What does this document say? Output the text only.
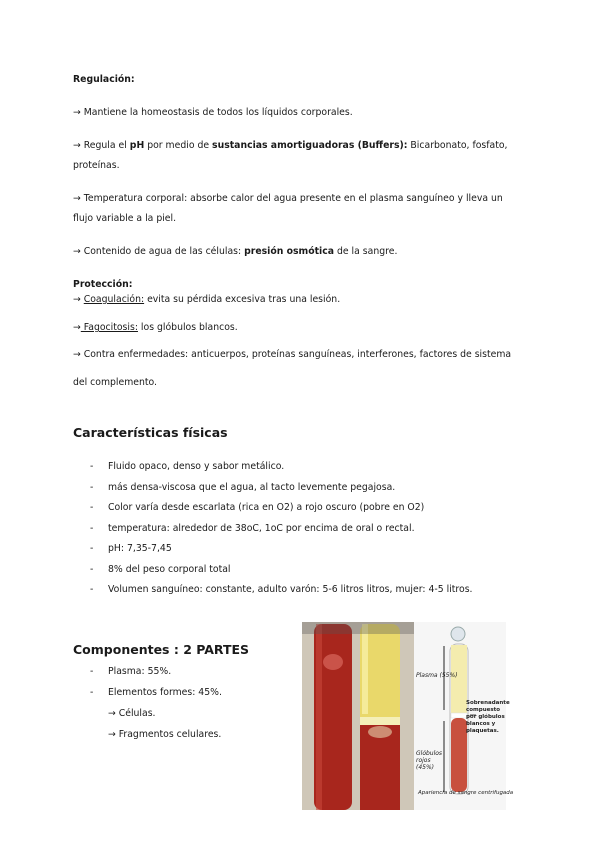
Regulación:
→ Mantiene la homeostasis de todos los líquidos corporales.
→ Regula el pH por medio de sustancias amortiguadoras (Buffers): Bicarbonato, fosfato,
proteínas.
→ Temperatura corporal: absorbe calor del agua presente en el plasma sanguíneo y lleva un
flujo variable a la piel.
→ Contenido de agua de las células: presión osmótica de la sangre.
Protección:
→ Coagulación: evita su pérdida excesiva tras una lesión.
→ Fagocitosis: los glóbulos blancos.
→ Contra enfermedades: anticuerpos, proteínas sanguíneas, interferones, factores de sistema
del complemento.
Características físicas
- Fluido opaco, denso y sabor metálico.
- más densa-viscosa que el agua, al tacto levemente pegajosa.
- Color varía desde escarlata (rica en O2) a rojo oscuro (pobre en O2)
- temperatura: alrededor de 38oC, 1oC por encima de oral o rectal.
- pH: 7,35-7,45
- 8% del peso corporal total
- Volumen sanguíneo: constante, adulto varón: 5-6 litros litros, mujer: 4-5 litros.
Componentes : 2 PARTES
- Plasma: 55%.
- Elementos formes: 45%.
→ Células.
→ Fragmentos celulares.
Plasma (55%)
Sobrenadante compuesto por glóbulos blancos y plaquetas.
Glóbulos rojos (45%)
Apariencia de sangre centrifugada
